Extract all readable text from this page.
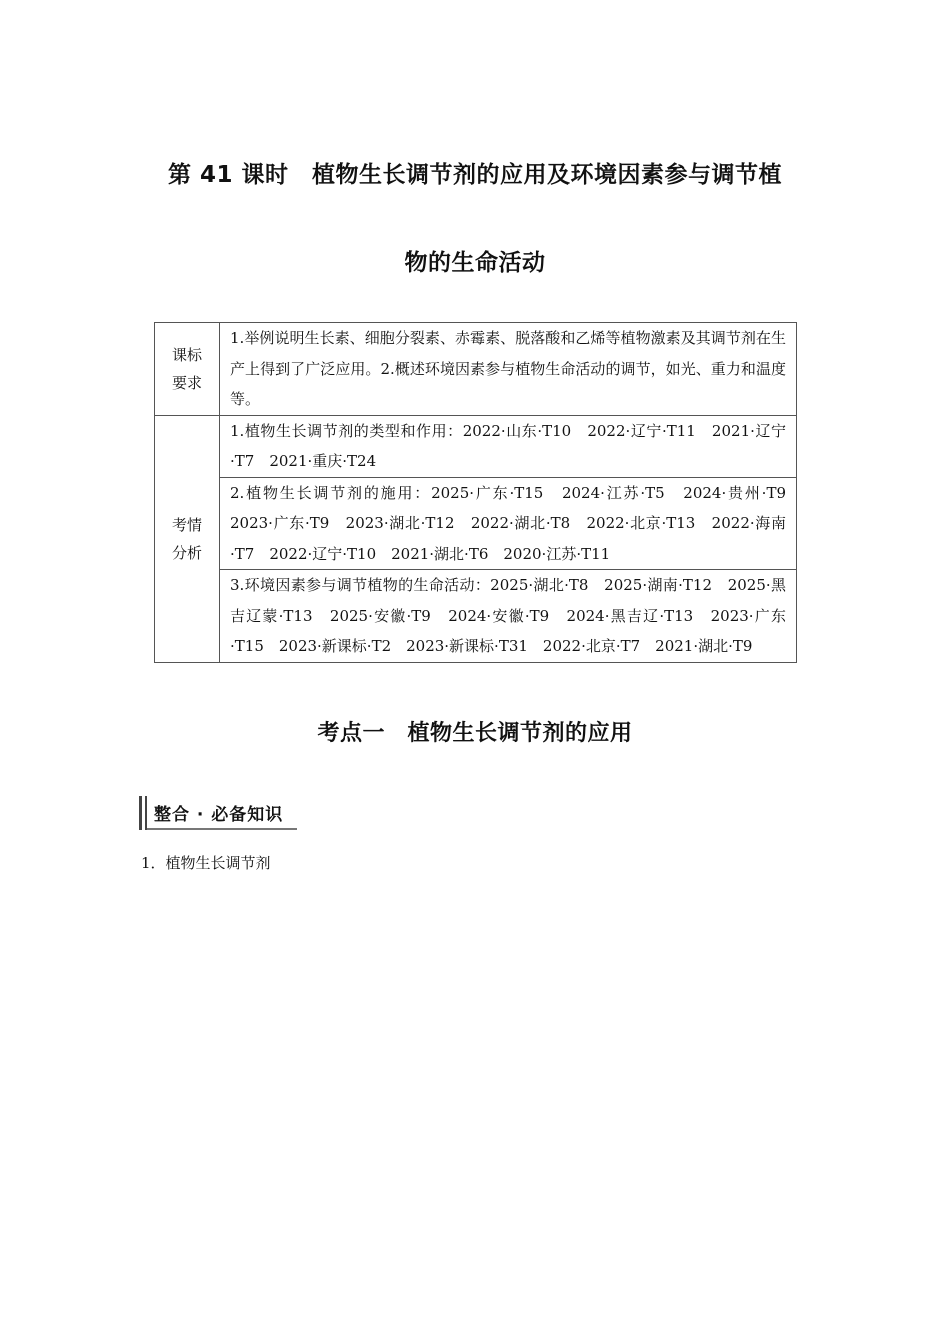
第 41 课时　植物生长调节剂的应用及环境因素参与调节植
物的生命活动
课标
要求	1.举例说明生长素、细胞分裂素、赤霉素、脱落酸和乙烯等植物激素及其调节剂在生产上得到了广泛应用。2.概述环境因素参与植物生命活动的调节，如光、重力和温度等。

考情
分析	1.植物生长调节剂的类型和作用：2022·山东·T10　2022·辽宁·T11　2021·辽宁·T7　2021·重庆·T24
	2.植物生长调节剂的施用：2025·广东·T15　2024·江苏·T5　2024·贵州·T9　2023·广东·T9　2023·湖北·T12　2022·湖北·T8　2022·北京·T13　2022·海南·T7　2022·辽宁·T10　2021·湖北·T6　2020·江苏·T11
	3.环境因素参与调节植物的生命活动：2025·湖北·T8　2025·湖南·T12　2025·黑吉辽蒙·T13　2025·安徽·T9　2024·安徽·T9　2024·黑吉辽·T13　2023·广东·T15　2023·新课标·T2　2023·新课标·T31　2022·北京·T7　2021·湖北·T9
考点一　植物生长调节剂的应用
整合 · 必备知识
1．植物生长调节剂
